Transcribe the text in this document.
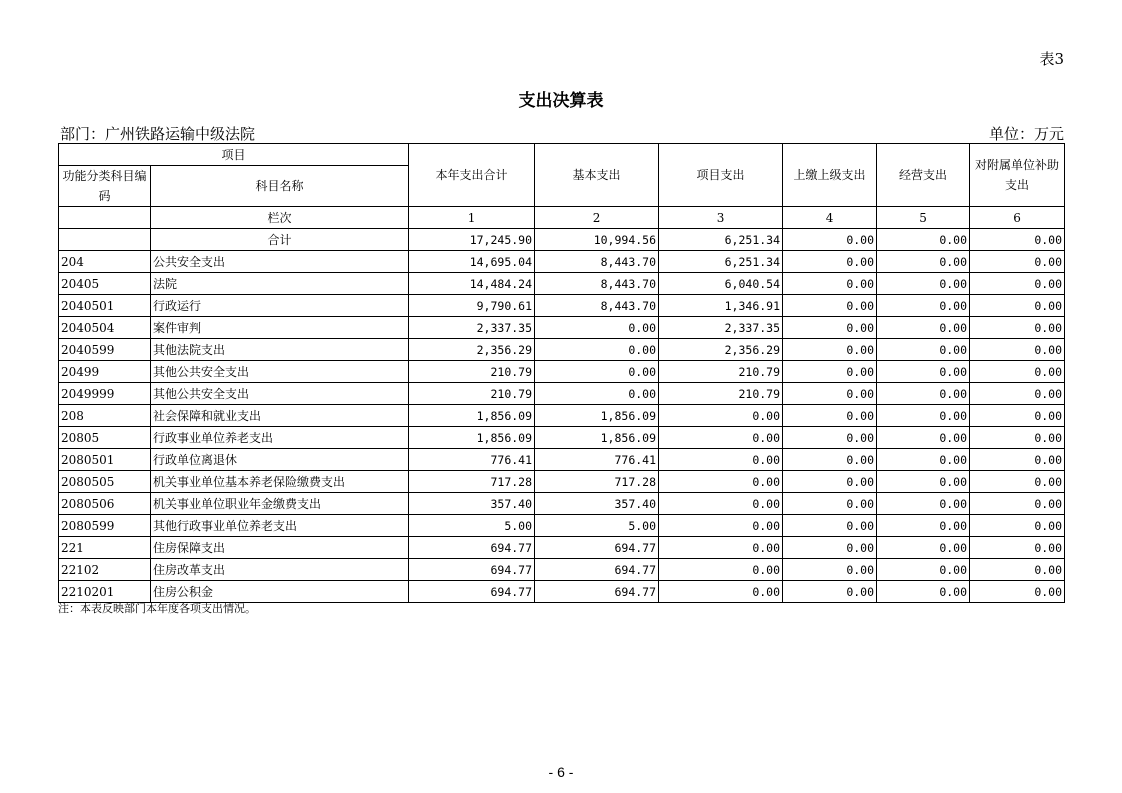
表3
支出决算表
部门：广州铁路运输中级法院	单位：万元
项目		本年支出合计	基本支出	项目支出	上缴上级支出	经营支出	对附属单位补助支出
功能分类科目编码	科目名称						
	栏次	1	2	3	4	5	6
	合计	17,245.90	10,994.56	6,251.34	0.00	0.00	0.00
204	公共安全支出	14,695.04	8,443.70	6,251.34	0.00	0.00	0.00
20405	法院	14,484.24	8,443.70	6,040.54	0.00	0.00	0.00
2040501	行政运行	9,790.61	8,443.70	1,346.91	0.00	0.00	0.00
2040504	案件审判	2,337.35	0.00	2,337.35	0.00	0.00	0.00
2040599	其他法院支出	2,356.29	0.00	2,356.29	0.00	0.00	0.00
20499	其他公共安全支出	210.79	0.00	210.79	0.00	0.00	0.00
2049999	其他公共安全支出	210.79	0.00	210.79	0.00	0.00	0.00
208	社会保障和就业支出	1,856.09	1,856.09	0.00	0.00	0.00	0.00
20805	行政事业单位养老支出	1,856.09	1,856.09	0.00	0.00	0.00	0.00
2080501	行政单位离退休	776.41	776.41	0.00	0.00	0.00	0.00
2080505	机关事业单位基本养老保险缴费支出	717.28	717.28	0.00	0.00	0.00	0.00
2080506	机关事业单位职业年金缴费支出	357.40	357.40	0.00	0.00	0.00	0.00
2080599	其他行政事业单位养老支出	5.00	5.00	0.00	0.00	0.00	0.00
221	住房保障支出	694.77	694.77	0.00	0.00	0.00	0.00
22102	住房改革支出	694.77	694.77	0.00	0.00	0.00	0.00
2210201	住房公积金	694.77	694.77	0.00	0.00	0.00	0.00
注：本表反映部门本年度各项支出情况。
- 6 -
